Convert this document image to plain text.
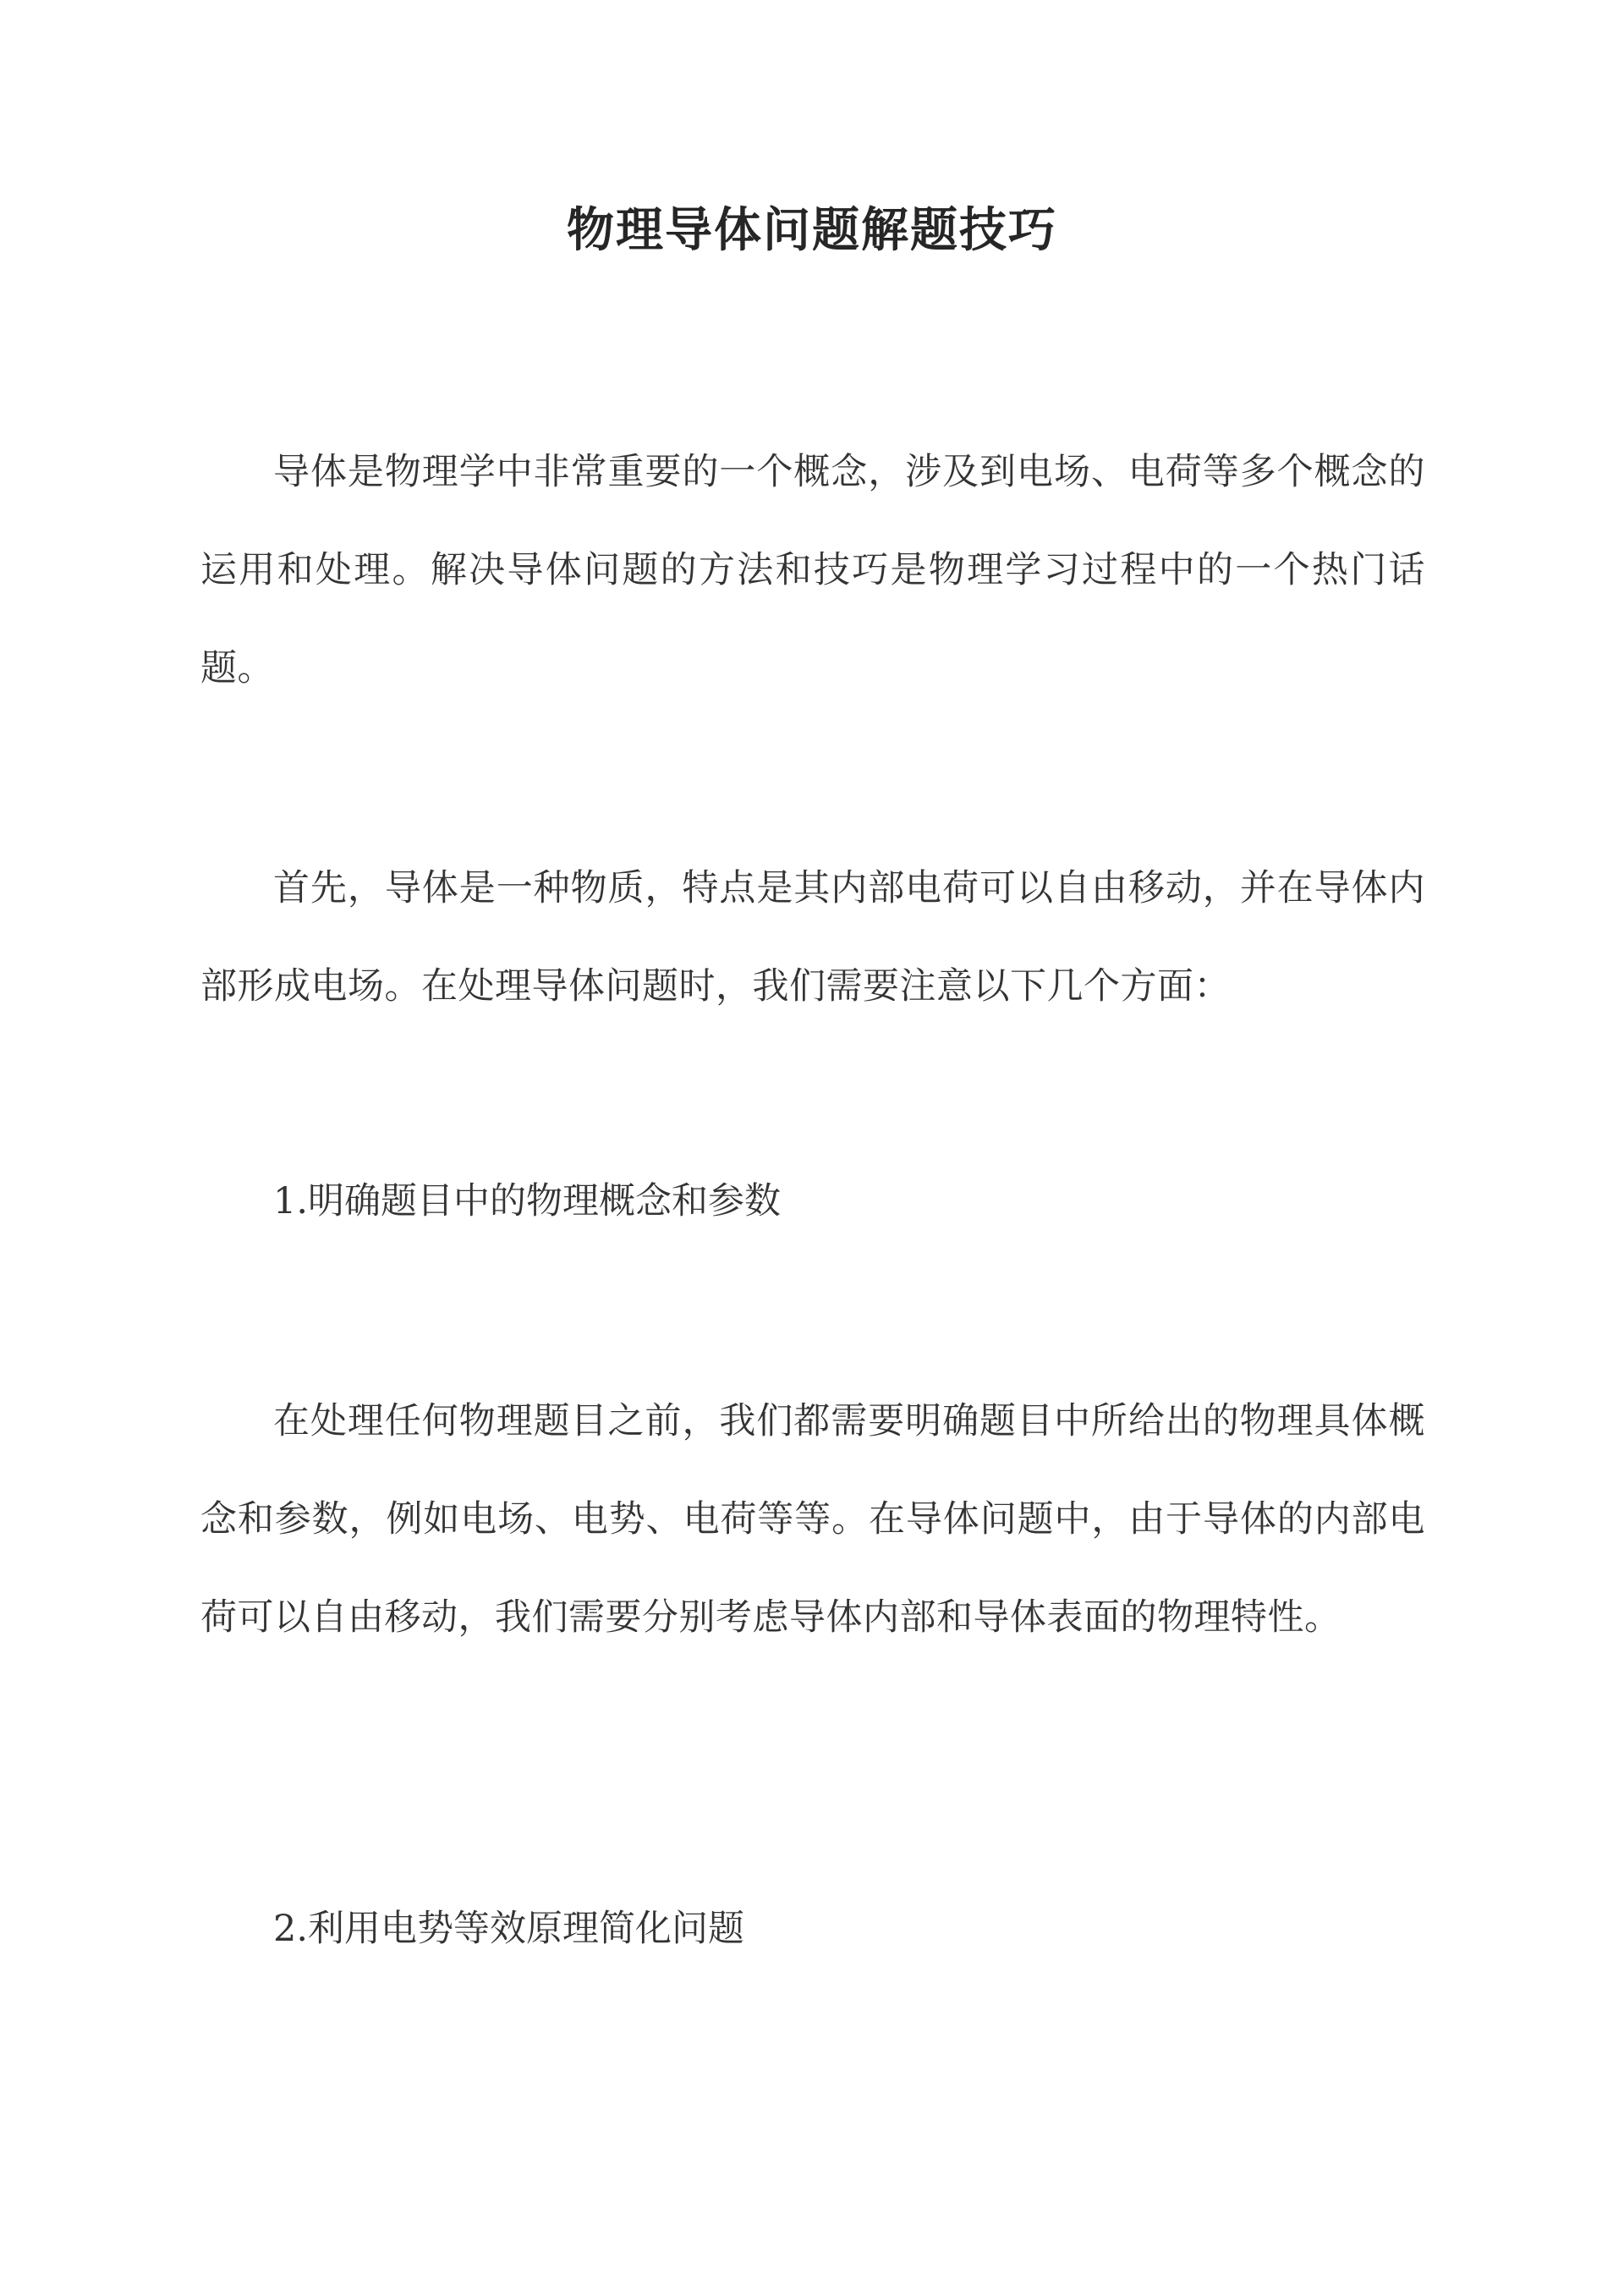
物理导体问题解题技巧

导体是物理学中非常重要的一个概念，涉及到电场、电荷等多个概念的运用和处理。解决导体问题的方法和技巧是物理学习过程中的一个热门话题。

首先，导体是一种物质，特点是其内部电荷可以自由移动，并在导体内部形成电场。在处理导体问题时，我们需要注意以下几个方面：

1.明确题目中的物理概念和参数

在处理任何物理题目之前，我们都需要明确题目中所给出的物理具体概念和参数，例如电场、电势、电荷等等。在导体问题中，由于导体的内部电荷可以自由移动，我们需要分别考虑导体内部和导体表面的物理特性。

2.利用电势等效原理简化问题
